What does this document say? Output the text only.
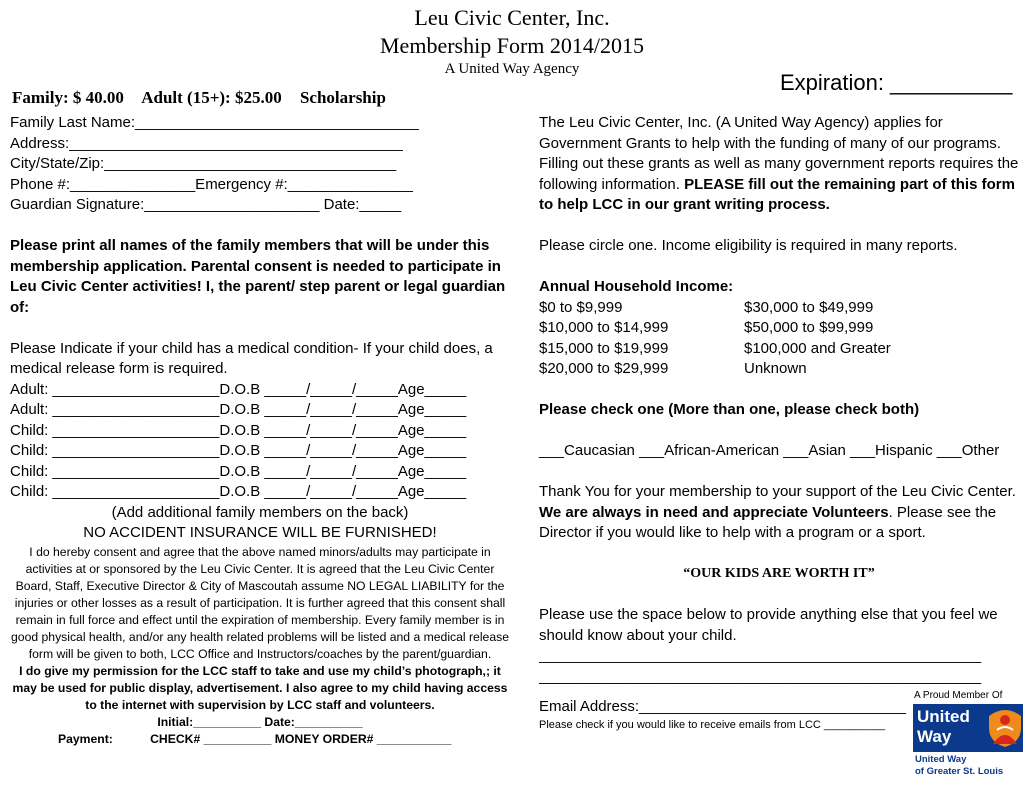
Leu Civic Center, Inc.
Membership Form 2014/2015
A United Way Agency
Expiration: __________
Family: $ 40.00 Adult (15+): $25.00 Scholarship
Family Last Name:__________________________________
Address:________________________________________
City/State/Zip:___________________________________
Phone #:_______________Emergency #:_______________
Guardian Signature:_____________________ Date:_____
Please print all names of the family members that will be under this membership application. Parental consent is needed to participate in Leu Civic Center activities! I, the parent/ step parent or legal guardian of:
Please Indicate if your child has a medical condition- If your child does, a medical release form is required.
Adult: ____________________D.O.B _____/_____/_____Age_____
Adult: ____________________D.O.B _____/_____/_____Age_____
Child: ____________________D.O.B _____/_____/_____Age_____
Child: ____________________D.O.B _____/_____/_____Age_____
Child: ____________________D.O.B _____/_____/_____Age_____
Child: ____________________D.O.B _____/_____/_____Age_____
(Add additional family members on the back)
NO ACCIDENT INSURANCE WILL BE FURNISHED!
I do hereby consent and agree that the above named minors/adults may participate in activities at or sponsored by the Leu Civic Center. It is agreed that the Leu Civic Center Board, Staff, Executive Director & City of Mascoutah assume NO LEGAL LIABILITY for the injuries or other losses as a result of participation. It is further agreed that this consent shall remain in full force and effect until the expiration of membership. Every family member is in good physical health, and/or any health related problems will be listed and a medical release form will be given to both, LCC Office and Instructors/coaches by the parent/guardian.
I do give my permission for the LCC staff to take and use my child’s photograph,; it may be used for public display, advertisement. I also agree to my child having access to the internet with supervision by LCC staff and volunteers.
Initial:__________ Date:__________
Payment:           CHECK# __________ MONEY ORDER# ___________

The Leu Civic Center, Inc. (A United Way Agency) applies for Government Grants to help with the funding of many of our programs. Filling out these grants as well as many government reports requires the following information. PLEASE fill out the remaining part of this form to help LCC in our grant writing process.

Please circle one. Income eligibility is required in many reports.

Annual Household Income:

$0 to $9,999	$30,000 to $49,999
$10,000 to $14,999	$50,000 to $99,999
$15,000 to $19,999	$100,000 and Greater
$20,000 to $29,999	Unknown

Please check one (More than one, please check both)

___Caucasian ___African-American ___Asian ___Hispanic ___Other

Thank You for your membership to your support of the Leu Civic Center. We are always in need and appreciate Volunteers. Please see the Director if you would like to help with a program or a sport.

“OUR KIDS ARE WORTH IT”

Please use the space below to provide anything else that you feel we should know about your child.

_____________________________________________________
_____________________________________________________

Email Address:________________________________

Please check if you would like to receive emails from LCC __________

A Proud Member Of
United
Way
United Way
of Greater St. Louis
